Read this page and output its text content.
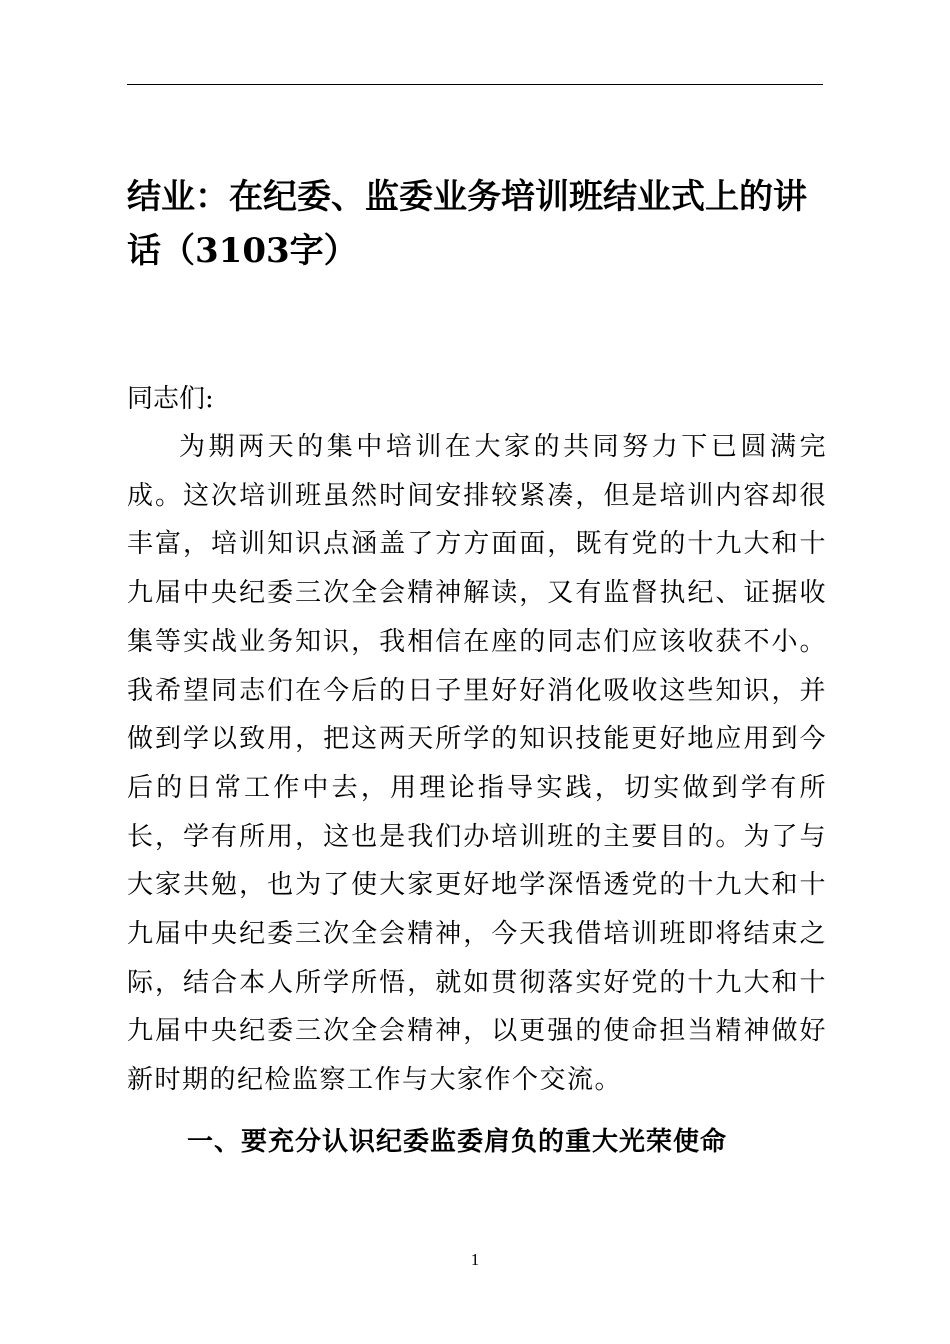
结业：在纪委、监委业务培训班结业式上的讲话（3103字）

同志们:

为期两天的集中培训在大家的共同努力下已圆满完成。这次培训班虽然时间安排较紧凑，但是培训内容却很丰富，培训知识点涵盖了方方面面，既有党的十九大和十九届中央纪委三次全会精神解读，又有监督执纪、证据收集等实战业务知识，我相信在座的同志们应该收获不小。我希望同志们在今后的日子里好好消化吸收这些知识，并做到学以致用，把这两天所学的知识技能更好地应用到今后的日常工作中去，用理论指导实践，切实做到学有所长，学有所用，这也是我们办培训班的主要目的。为了与大家共勉，也为了使大家更好地学深悟透党的十九大和十九届中央纪委三次全会精神，今天我借培训班即将结束之际，结合本人所学所悟，就如贯彻落实好党的十九大和十九届中央纪委三次全会精神，以更强的使命担当精神做好新时期的纪检监察工作与大家作个交流。

一、要充分认识纪委监委肩负的重大光荣使命
1
